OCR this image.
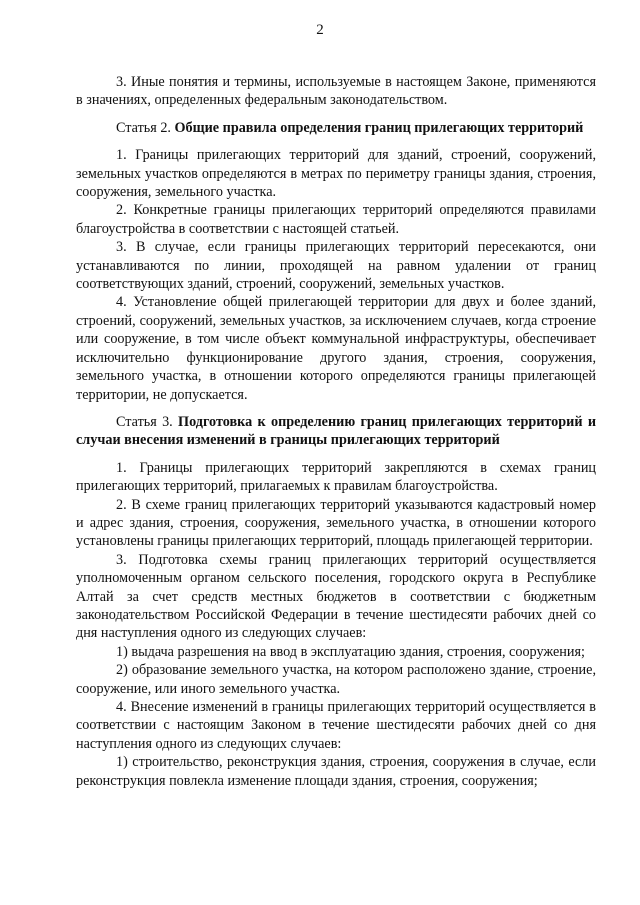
2

3. Иные понятия и термины, используемые в настоящем Законе, применяются в значениях, определенных федеральным законодательством.

Статья 2. Общие правила определения границ прилегающих территорий

1. Границы прилегающих территорий для зданий, строений, сооружений, земельных участков определяются в метрах по периметру границы здания, строения, сооружения, земельного участка.

2. Конкретные границы прилегающих территорий определяются правилами благоустройства в соответствии с настоящей статьей.

3. В случае, если границы прилегающих территорий пересекаются, они устанавливаются по линии, проходящей на равном удалении от границ соответствующих зданий, строений, сооружений, земельных участков.

4. Установление общей прилегающей территории для двух и более зданий, строений, сооружений, земельных участков, за исключением случаев, когда строение или сооружение, в том числе объект коммунальной инфраструктуры, обеспечивает исключительно функционирование другого здания, строения, сооружения, земельного участка, в отношении которого определяются границы прилегающей территории, не допускается.

Статья 3. Подготовка к определению границ прилегающих территорий и случаи внесения изменений в границы прилегающих территорий

1. Границы прилегающих территорий закрепляются в схемах границ прилегающих территорий, прилагаемых к правилам благоустройства.

2. В схеме границ прилегающих территорий указываются кадастровый номер и адрес здания, строения, сооружения, земельного участка, в отношении которого установлены границы прилегающих территорий, площадь прилегающей территории.

3. Подготовка схемы границ прилегающих территорий осуществляется уполномоченным органом сельского поселения, городского округа в Республике Алтай за счет средств местных бюджетов в соответствии с бюджетным законодательством Российской Федерации в течение шестидесяти рабочих дней со дня наступления одного из следующих случаев:

1) выдача разрешения на ввод в эксплуатацию здания, строения, сооружения;

2) образование земельного участка, на котором расположено здание, строение, сооружение, или иного земельного участка.

4. Внесение изменений в границы прилегающих территорий осуществляется в соответствии с настоящим Законом в течение шестидесяти рабочих дней со дня наступления одного из следующих случаев:

1) строительство, реконструкция здания, строения, сооружения в случае, если реконструкция повлекла изменение площади здания, строения, сооружения;
